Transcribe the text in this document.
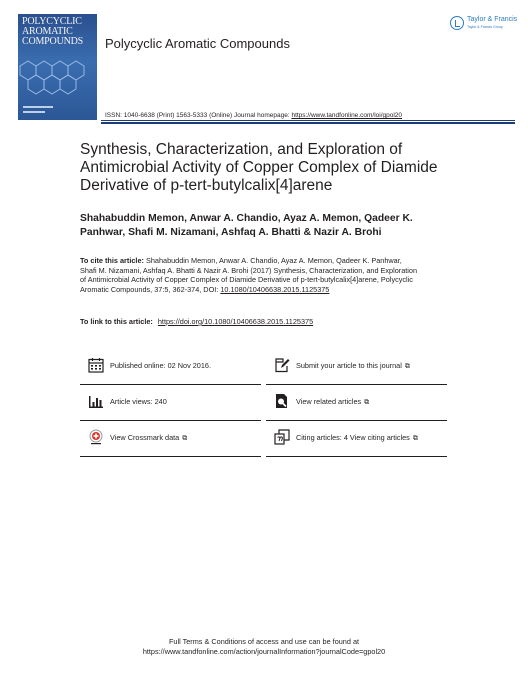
POLYCYCLIC
AROMATIC
COMPOUNDS	Polycyclic Aromatic Compounds
Taylor & Francis
Taylor & Francis Group
ISSN: 1040-6638 (Print) 1563-5333 (Online) Journal homepage: https://www.tandfonline.com/loi/gpol20
Synthesis, Characterization, and Exploration of Antimicrobial Activity of Copper Complex of Diamide Derivative of p-tert-butylcalix[4]arene
Shahabuddin Memon, Anwar A. Chandio, Ayaz A. Memon, Qadeer K. Panhwar, Shafi M. Nizamani, Ashfaq A. Bhatti & Nazir A. Brohi
To cite this article: Shahabuddin Memon, Anwar A. Chandio, Ayaz A. Memon, Qadeer K. Panhwar, Shafi M. Nizamani, Ashfaq A. Bhatti & Nazir A. Brohi (2017) Synthesis, Characterization, and Exploration of Antimicrobial Activity of Copper Complex of Diamide Derivative of p-tert-butylcalix[4]arene, Polycyclic Aromatic Compounds, 37:5, 362-374, DOI: 10.1080/10406638.2015.1125375
To link to this article: https://doi.org/10.1080/10406638.2015.1125375
Published online: 02 Nov 2016.	Submit your article to this journal ⧉
Article views: 240	View related articles ⧉
View Crossmark data ⧉	Citing articles: 4 View citing articles ⧉
Full Terms & Conditions of access and use can be found at
https://www.tandfonline.com/action/journalInformation?journalCode=gpol20
